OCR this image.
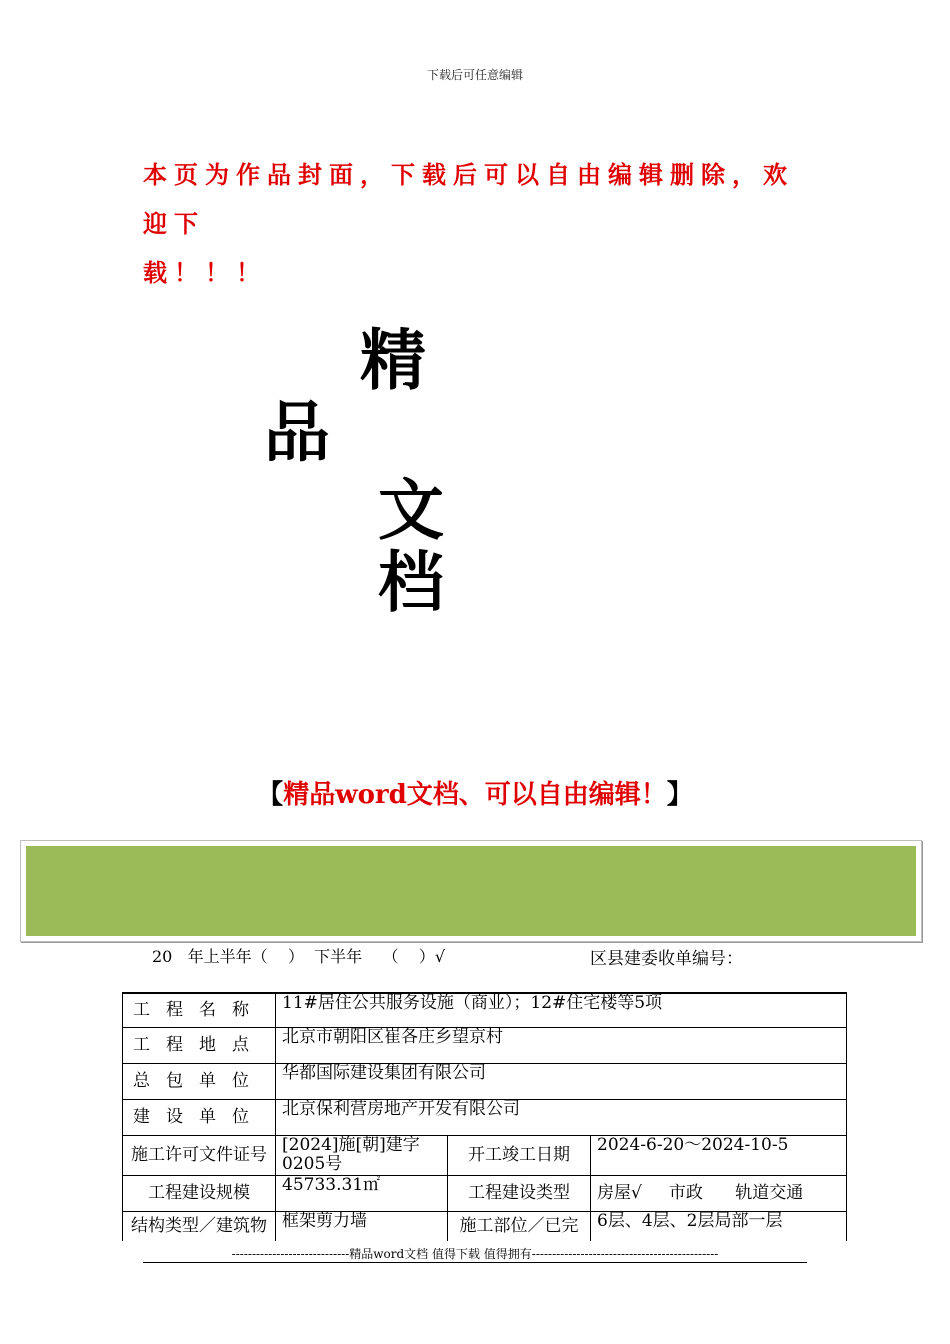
下载后可任意编辑
本页为作品封面，下载后可以自由编辑删除，欢迎下
载！！！
精
品
文
档
【精品word文档、可以自由编辑！】
20   年上半年（    ）  下半年    （    ）√	区县建委收单编号：
工程名称	11#居住公共服务设施（商业）；12#住宅楼等5项		
工程地点	北京市朝阳区崔各庄乡望京村		
总包单位	华都国际建设集团有限公司		
建设单位	北京保利营房地产开发有限公司		
施工许可文件证号	[2024]施[朝]建字0205号	开工竣工日期	2024-6-20～2024-10-5
工程建设规模	45733.31㎡	工程建设类型	房屋√     市政      轨道交通
结构类型／建筑物	框架剪力墙	施工部位／已完	6层、4层、2层局部一层
-----------------------------精品word文档 值得下载 值得拥有----------------------------------------------
